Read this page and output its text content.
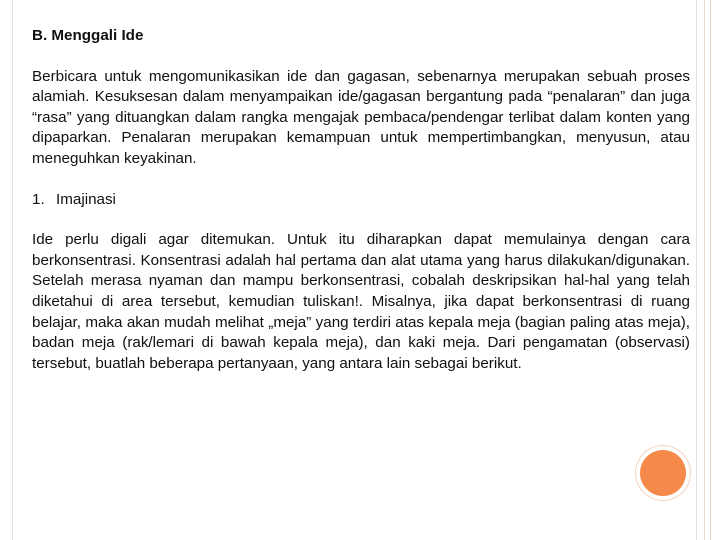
B. Menggali Ide

Berbicara untuk mengomunikasikan ide dan gagasan, sebenarnya merupakan sebuah proses alamiah. Kesuksesan dalam menyampaikan ide/gagasan bergantung pada “penalaran” dan juga “rasa” yang dituangkan dalam rangka mengajak pembaca/pendengar terlibat dalam konten yang dipaparkan. Penalaran merupakan kemampuan untuk mempertimbangkan, menyusun, atau meneguhkan keyakinan.

1. Imajinasi

Ide perlu digali agar ditemukan. Untuk itu diharapkan dapat memulainya dengan cara berkonsentrasi. Konsentrasi adalah hal pertama dan alat utama yang harus dilakukan/digunakan. Setelah merasa nyaman dan mampu berkonsentrasi, cobalah deskripsikan hal-hal yang telah diketahui di area tersebut, kemudian tuliskan!. Misalnya, jika dapat berkonsentrasi di ruang belajar, maka akan mudah melihat „meja” yang terdiri atas kepala meja (bagian paling atas meja), badan meja (rak/lemari di bawah kepala meja), dan kaki meja. Dari pengamatan (observasi) tersebut, buatlah beberapa pertanyaan, yang antara lain sebagai berikut.
